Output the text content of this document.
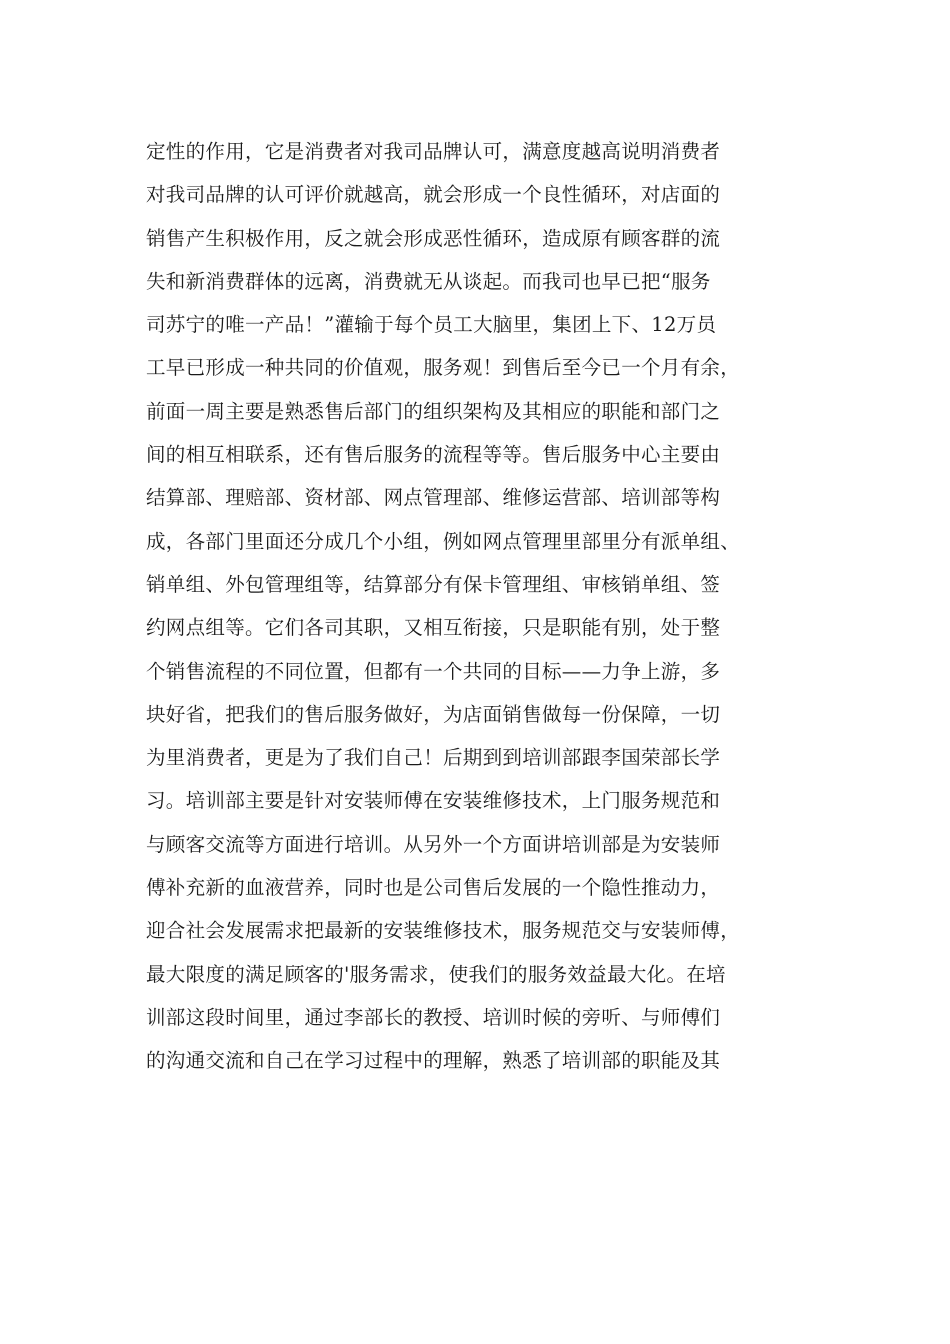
定性的作用，它是消费者对我司品牌认可，满意度越高说明消费者
对我司品牌的认可评价就越高，就会形成一个良性循环，对店面的
销售产生积极作用，反之就会形成恶性循环，造成原有顾客群的流
失和新消费群体的远离，消费就无从谈起。而我司也早已把“服务
司苏宁的唯一产品！”灌输于每个员工大脑里，集团上下、12万员
工早已形成一种共同的价值观，服务观！到售后至今已一个月有余，
前面一周主要是熟悉售后部门的组织架构及其相应的职能和部门之
间的相互相联系，还有售后服务的流程等等。售后服务中心主要由
结算部、理赔部、资材部、网点管理部、维修运营部、培训部等构
成，各部门里面还分成几个小组，例如网点管理里部里分有派单组、
销单组、外包管理组等，结算部分有保卡管理组、审核销单组、签
约网点组等。它们各司其职，又相互衔接，只是职能有别，处于整
个销售流程的不同位置，但都有一个共同的目标——力争上游，多
块好省，把我们的售后服务做好，为店面销售做每一份保障，一切
为里消费者，更是为了我们自己！后期到到培训部跟李国荣部长学
习。培训部主要是针对安装师傅在安装维修技术，上门服务规范和
与顾客交流等方面进行培训。从另外一个方面讲培训部是为安装师
傅补充新的血液营养，同时也是公司售后发展的一个隐性推动力，
迎合社会发展需求把最新的安装维修技术，服务规范交与安装师傅，
最大限度的满足顾客的'服务需求，使我们的服务效益最大化。在培
训部这段时间里，通过李部长的教授、培训时候的旁听、与师傅们
的沟通交流和自己在学习过程中的理解，熟悉了培训部的职能及其
